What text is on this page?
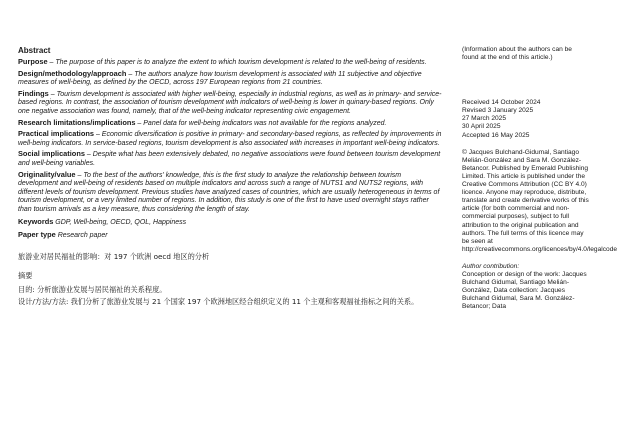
Abstract

Purpose – The purpose of this paper is to analyze the extent to which tourism development is related to the well-being of residents.

Design/methodology/approach – The authors analyze how tourism development is associated with 11 subjective and objective measures of well-being, as defined by the OECD, across 197 European regions from 21 countries.

Findings – Tourism development is associated with higher well-being, especially in industrial regions, as well as in primary- and service-based regions. In contrast, the association of tourism development with indicators of well-being is lower in quinary-based regions. Only one negative association was found, namely, that of the well-being indicator representing civic engagement.

Research limitations/implications – Panel data for well-being indicators was not available for the regions analyzed.

Practical implications – Economic diversification is positive in primary- and secondary-based regions, as reflected by improvements in well-being indicators. In service-based regions, tourism development is also associated with increases in important well-being indicators.

Social implications – Despite what has been extensively debated, no negative associations were found between tourism development and well-being variables.

Originality/value – To the best of the authors' knowledge, this is the first study to analyze the relationship between tourism development and well-being of residents based on multiple indicators and across such a range of NUTS1 and NUTS2 regions, with different levels of tourism development. Previous studies have analyzed cases of countries, which are usually heterogeneous in terms of tourism development, or a very limited number of regions. In addition, this study is one of the first to have used overnight stays rather than tourism arrivals as a key measure, thus considering the length of stay.

Keywords GDP, Well-being, OECD, QOL, Happiness

Paper type Research paper

旅游业对居民福祉的影响：对 197 个欧洲 oecd 地区的分析
摘要

目的: 分析旅游业发展与居民福祉的关系程度。

设计/方法/方法: 我们分析了旅游业发展与 21 个国家 197 个欧洲地区经合组织定义的 11 个主观和客观福祉指标之间的关系。

(Information about the authors can be found at the end of this article.)

Received 14 October 2024

Revised 3 January 2025

27 March 2025

30 April 2025

Accepted 16 May 2025

© Jacques Bulchand-Gidumal, Santiago Melián-González and Sara M. González-Betancor. Published by Emerald Publishing Limited. This article is published under the Creative Commons Attribution (CC BY 4.0) licence. Anyone may reproduce, distribute, translate and create derivative works of this article (for both commercial and non-commercial purposes), subject to full attribution to the original publication and authors. The full terms of this licence may be seen at http://creativecommons.org/licences/by/4.0/legalcode

Author contribution:
Conception or design of the work: Jacques Bulchand Gidumal, Santiago Melián-González, Data collection: Jacques Bulchand Gidumal, Sara M. González-Betancor; Data
